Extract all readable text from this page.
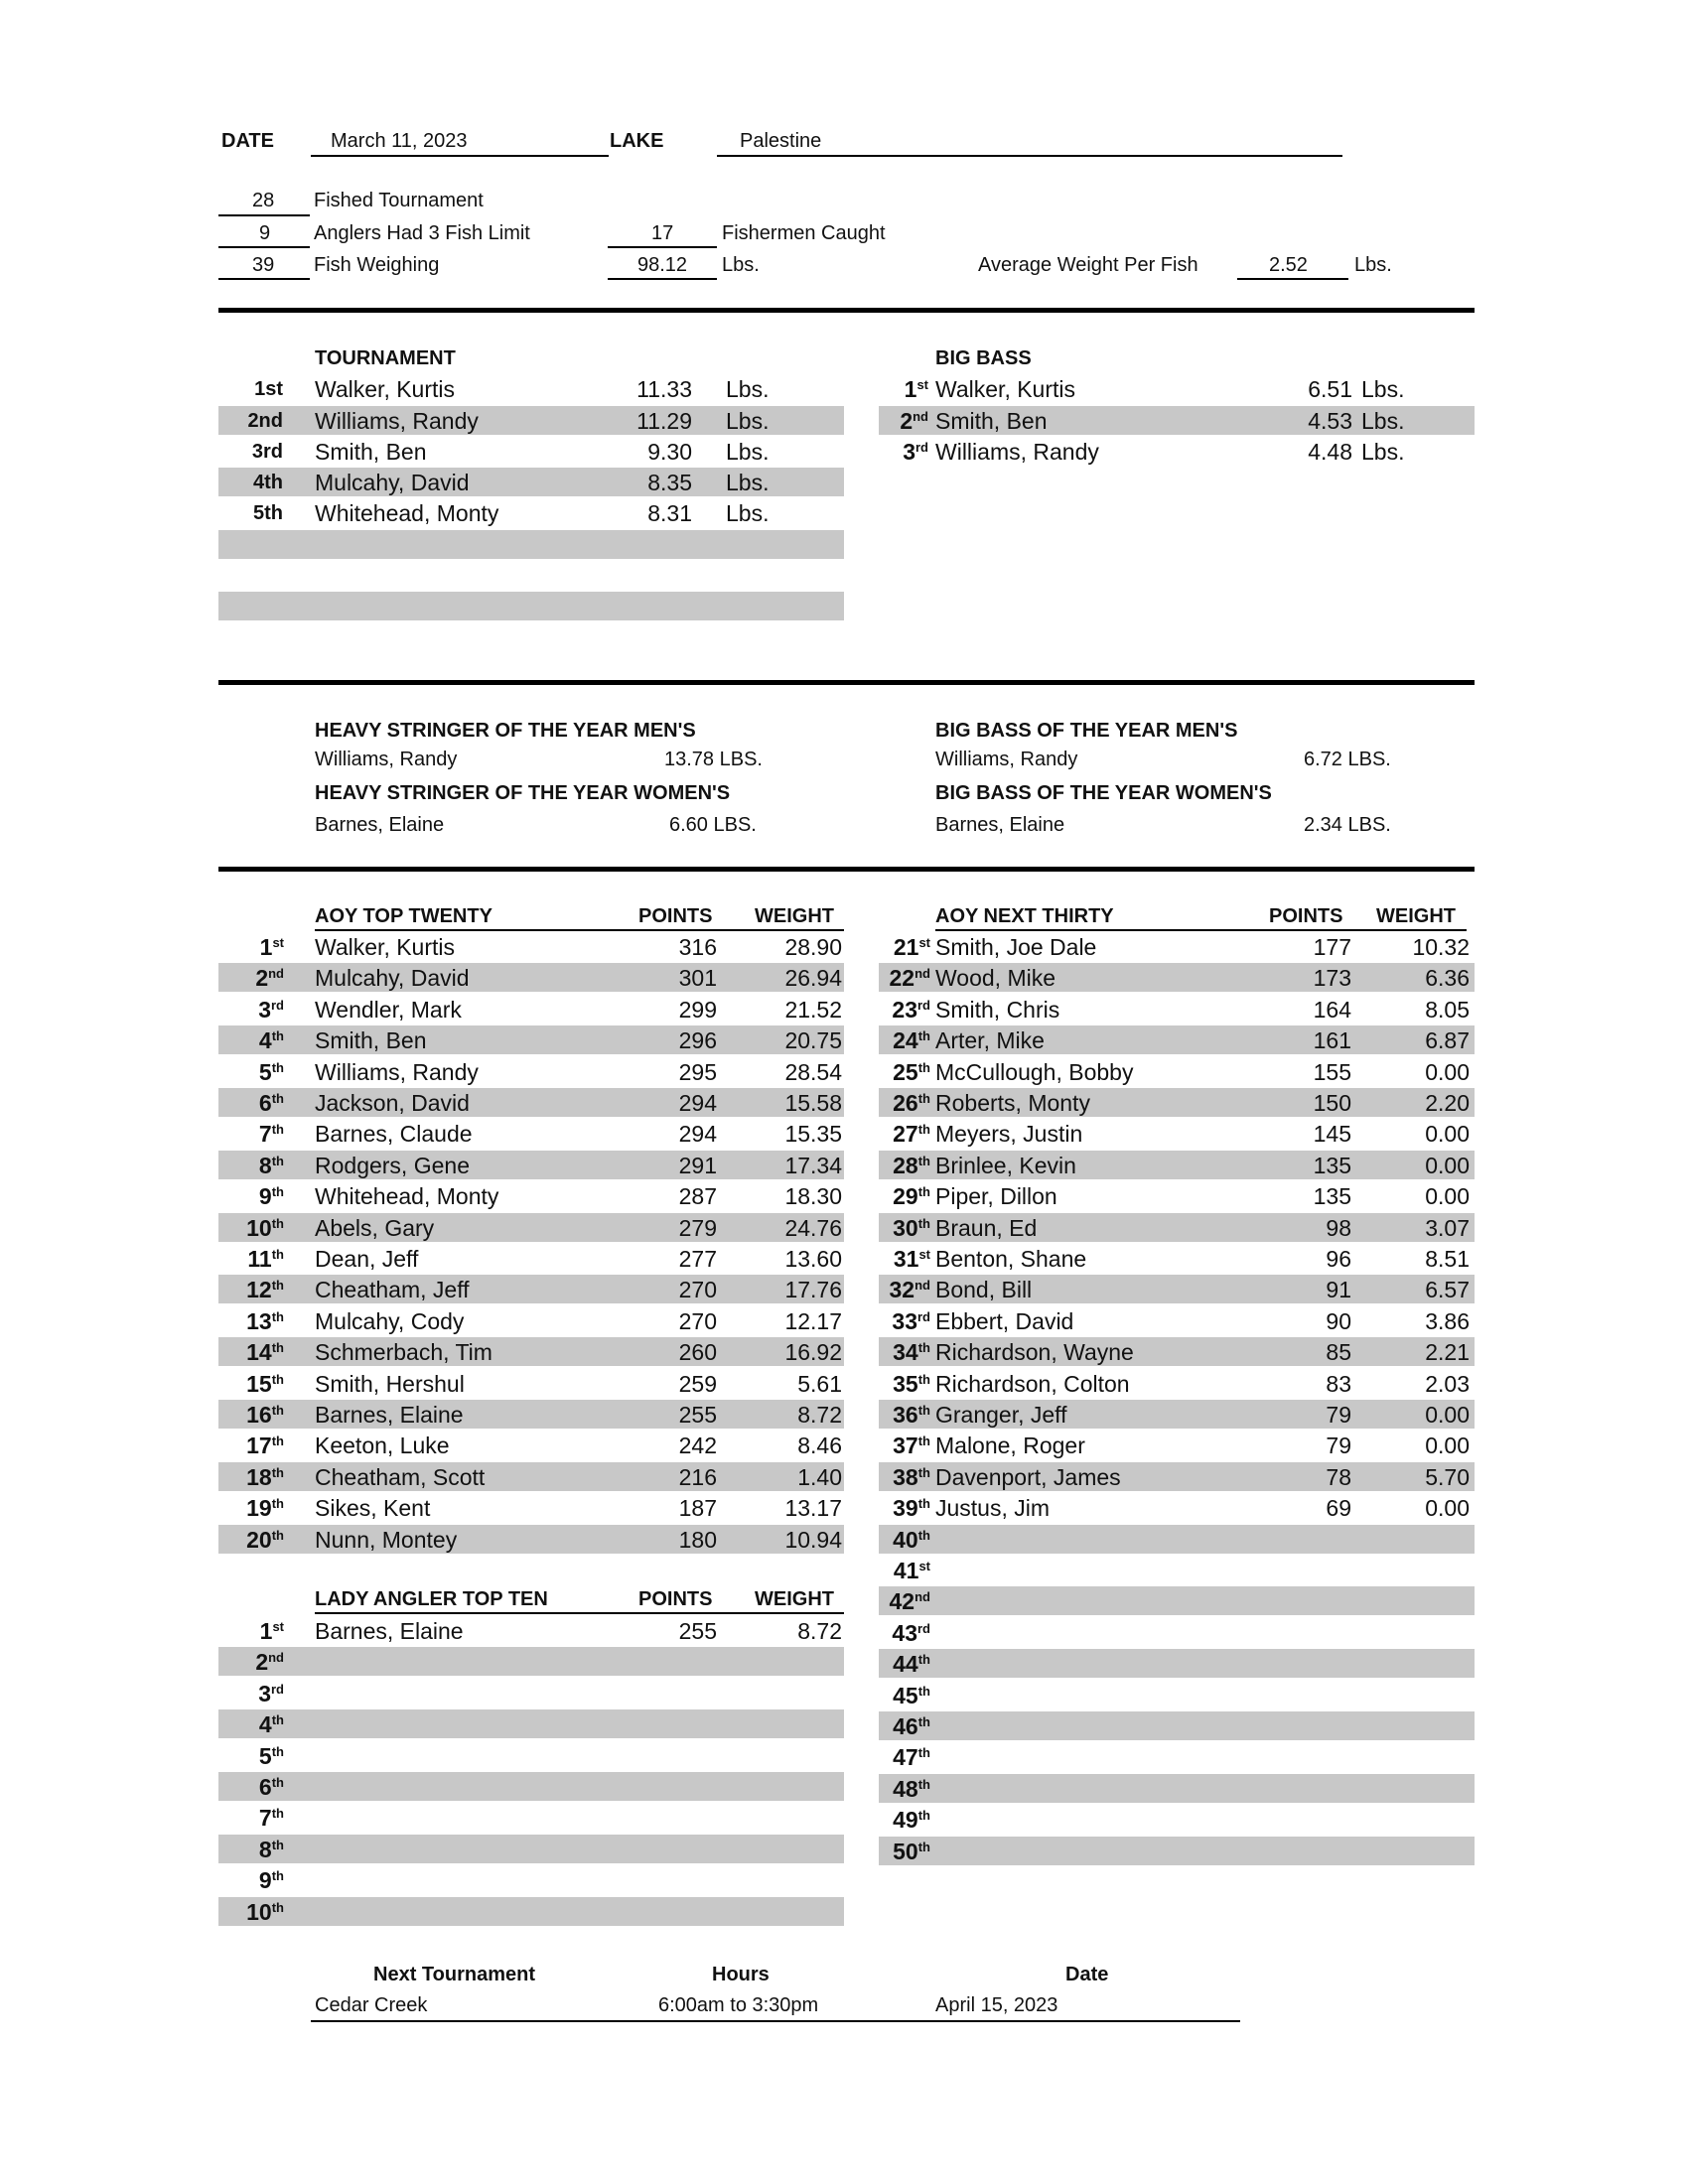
DATE	March 11, 2023	LAKE	Palestine
28 Fished Tournament
9 Anglers Had 3 Fish Limit	17 Fishermen Caught
39 Fish Weighing	98.12 Lbs.	Average Weight Per Fish	2.52 Lbs.
TOURNAMENT
1st Walker, Kurtis	11.33 Lbs.
2nd Williams, Randy	11.29 Lbs.
3rd Smith, Ben	9.30 Lbs.
4th Mulcahy, David	8.35 Lbs.
5th Whitehead, Monty	8.31 Lbs.
BIG BASS
1st Walker, Kurtis	6.51 Lbs.
2nd Smith, Ben	4.53 Lbs.
3rd Williams, Randy	4.48 Lbs.
HEAVY STRINGER OF THE YEAR MEN'S
Williams, Randy	13.78 LBS.
HEAVY STRINGER OF THE YEAR WOMEN'S
Barnes, Elaine	6.60 LBS.
BIG BASS OF THE YEAR MEN'S
Williams, Randy	6.72 LBS.
BIG BASS OF THE YEAR WOMEN'S
Barnes, Elaine	2.34 LBS.
AOY TOP TWENTY	POINTS WEIGHT
1st Walker, Kurtis	316	28.90
2nd Mulcahy, David	301	26.94
3rd Wendler, Mark	299	21.52
4th Smith, Ben	296	20.75
5th Williams, Randy	295	28.54
6th Jackson, David	294	15.58
7th Barnes, Claude	294	15.35
8th Rodgers, Gene	291	17.34
9th Whitehead, Monty	287	18.30
10th Abels, Gary	279	24.76
11th Dean, Jeff	277	13.60
12th Cheatham, Jeff	270	17.76
13th Mulcahy, Cody	270	12.17
14th Schmerbach, Tim	260	16.92
15th Smith, Hershul	259	5.61
16th Barnes, Elaine	255	8.72
17th Keeton, Luke	242	8.46
18th Cheatham, Scott	216	1.40
19th Sikes, Kent	187	13.17
20th Nunn, Montey	180	10.94
AOY NEXT THIRTY	POINTS WEIGHT
21st Smith, Joe Dale	177	10.32
22nd Wood, Mike	173	6.36
23rd Smith, Chris	164	8.05
24th Arter, Mike	161	6.87
25th McCullough, Bobby	155	0.00
26th Roberts, Monty	150	2.20
27th Meyers, Justin	145	0.00
28th Brinlee, Kevin	135	0.00
29th Piper, Dillon	135	0.00
30th Braun, Ed	98	3.07
31st Benton, Shane	96	8.51
32nd Bond, Bill	91	6.57
33rd Ebbert, David	90	3.86
34th Richardson, Wayne	85	2.21
35th Richardson, Colton	83	2.03
36th Granger, Jeff	79	0.00
37th Malone, Roger	79	0.00
38th Davenport, James	78	5.70
39th Justus, Jim	69	0.00
40th
41st
42nd
43rd
44th
45th
46th
47th
48th
49th
50th
LADY ANGLER TOP TEN	POINTS WEIGHT
1st Barnes, Elaine	255	8.72
2nd
3rd
4th
5th
6th
7th
8th
9th
10th
Next Tournament	Hours	Date
Cedar Creek	6:00am to 3:30pm	April 15, 2023
